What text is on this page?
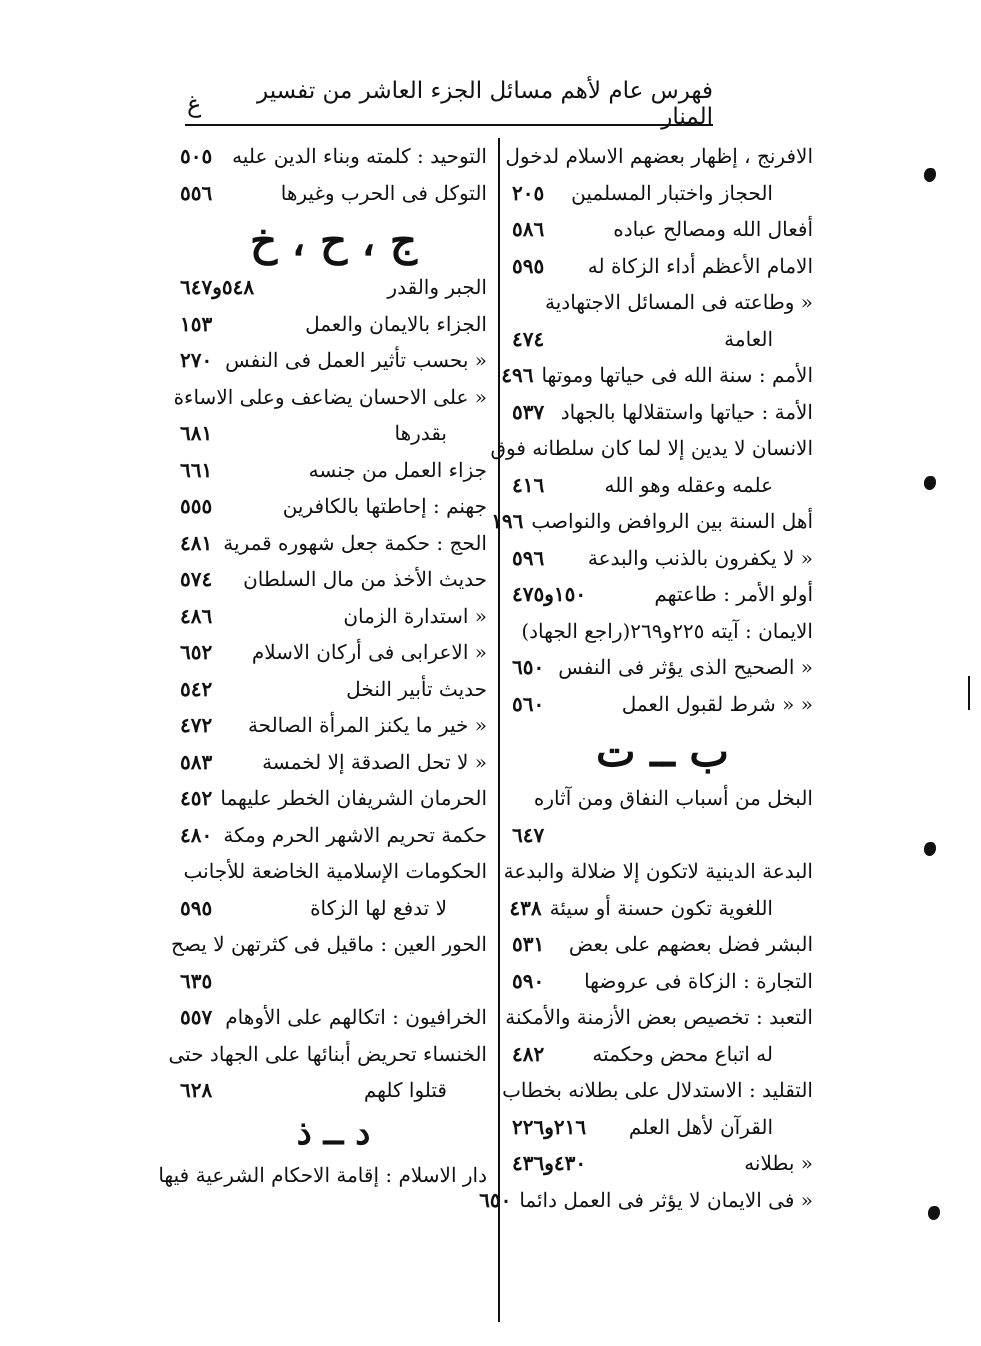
فهرس عام لأهم مسائل الجزء العاشر من تفسير المنار
غ
الافرنج ، إظهار بعضهم الاسلام لدخول
الحجاز واختبار المسلمين
٢٠٥
أفعال الله ومصالح عباده
٥٨٦
الامام الأعظم أداء الزكاة له
٥٩٥
« وطاعته فى المسائل الاجتهادية
العامة
٤٧٤
الأمم : سنة الله فى حياتها وموتها
٤٩٦
الأمة : حياتها واستقلالها بالجهاد
٥٣٧
الانسان لا يدين إلا لما كان سلطانه فوق
علمه وعقله وهو الله
٤١٦
أهل السنة بين الروافض والنواصب
١٩٦
« لا يكفرون بالذنب والبدعة
٥٩٦
أولو الأمر : طاعتهم
١٥٠و٤٧٥
الايمان : آيته ٢٢٥و٢٦٩(راجع الجهاد)
« الصحيح الذى يؤثر فى النفس
٦٥٠
« « شرط لقبول العمل
٥٦٠
ب ــ ت
البخل من أسباب النفاق ومن آثاره
٦٤٧
البدعة الدينية لاتكون إلا ضلالة والبدعة
اللغوية تكون حسنة أو سيئة
٤٣٨
البشر فضل بعضهم على بعض
٥٣١
التجارة : الزكاة فى عروضها
٥٩٠
التعبد : تخصيص بعض الأزمنة والأمكنة
له اتباع محض وحكمته
٤٨٢
التقليد : الاستدلال على بطلانه بخطاب
القرآن لأهل العلم
٢١٦و٢٢٦
« بطلانه
٤٣٠و٤٣٦
« فى الايمان لا يؤثر فى العمل دائما
٦٥٠
التوحيد : كلمته وبناء الدين عليه
٥٠٥
التوكل فى الحرب وغيرها
٥٥٦
ج ، ح ، خ
الجبر والقدر
٥٤٨و٦٤٧
الجزاء بالايمان والعمل
١٥٣
« بحسب تأثير العمل فى النفس
٢٧٠
« على الاحسان يضاعف وعلى الاساءة
بقدرها
٦٨١
جزاء العمل من جنسه
٦٦١
جهنم : إحاطتها بالكافرين
٥٥٥
الحج : حكمة جعل شهوره قمرية
٤٨١
حديث الأخذ من مال السلطان
٥٧٤
« استدارة الزمان
٤٨٦
« الاعرابى فى أركان الاسلام
٦٥٢
حديث تأبير النخل
٥٤٢
« خير ما يكنز المرأة الصالحة
٤٧٢
« لا تحل الصدقة إلا لخمسة
٥٨٣
الحرمان الشريفان الخطر عليهما
٤٥٢
حكمة تحريم الاشهر الحرم ومكة
٤٨٠
الحكومات الإسلامية الخاضعة للأجانب
لا تدفع لها الزكاة
٥٩٥
الحور العين : ماقيل فى كثرتهن لا يصح
٦٣٥
الخرافيون : اتكالهم على الأوهام
٥٥٧
الخنساء تحريض أبنائها على الجهاد حتى
قتلوا كلهم
٦٢٨
د ــ ذ
دار الاسلام : إقامة الاحكام الشرعية فيها
